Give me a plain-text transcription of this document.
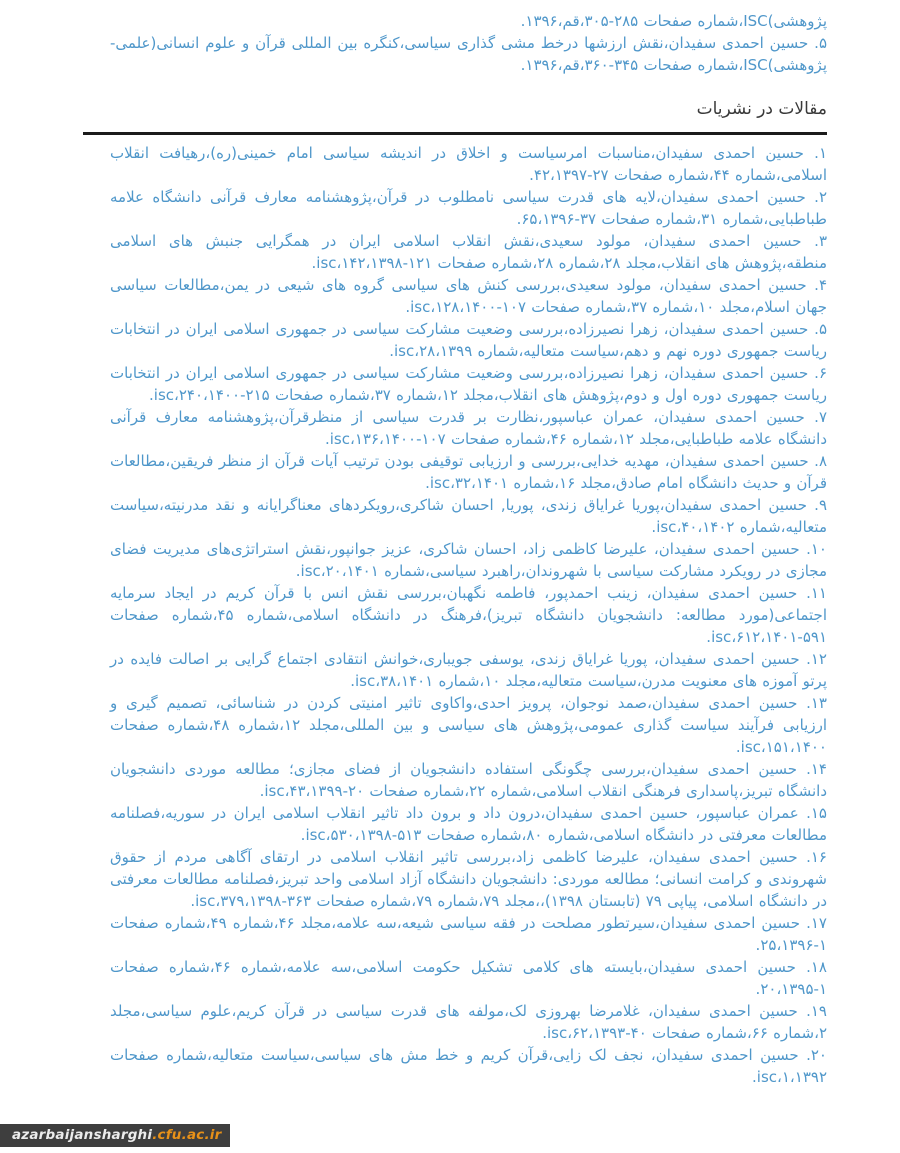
پژوهشی)ISC،شماره صفحات ۲۸۵-۳۰۵،قم،۱۳۹۶.

۵. حسین احمدی سفیدان،نقش ارزشها درخط مشی گذاری سیاسی،کنگره بین المللی قرآن و علوم انسانی(علمی-پژوهشی)ISC،شماره صفحات ۳۴۵-۳۶۰،قم،۱۳۹۶.

مقالات در نشریات

۱. حسین احمدی سفیدان،مناسبات امرسیاست و اخلاق در اندیشه سیاسی امام خمینی(ره)،رهیافت انقلاب اسلامی،شماره ۴۴،شماره صفحات ۲۷-۴۲،۱۳۹۷.

۲. حسین احمدی سفیدان،لایه های قدرت سیاسی نامطلوب در قرآن،پژوهشنامه معارف قرآنی دانشگاه علامه طباطبایی،شماره ۳۱،شماره صفحات ۳۷-۶۵،۱۳۹۶.

۳. حسین احمدی سفیدان، مولود سعیدی،نقش انقلاب اسلامی ایران در همگرایی جنبش های اسلامی منطقه،پژوهش های انقلاب،مجلد ۲۸،شماره ۲۸،شماره صفحات ۱۲۱-۱۴۲،۱۳۹۸،isc.

۴. حسین احمدی سفیدان، مولود سعیدی،بررسی کنش های سیاسی گروه های شیعی در یمن،مطالعات سیاسی جهان اسلام،مجلد ۱۰،شماره ۳۷،شماره صفحات ۱۰۷-۱۲۸،۱۴۰۰،isc.

۵. حسین احمدی سفیدان، زهرا نصیرزاده،بررسی وضعیت مشارکت سیاسی در جمهوری اسلامی ایران در انتخابات ریاست جمهوری دوره نهم و دهم،سیاست متعالیه،شماره ۲۸،۱۳۹۹،isc.

۶. حسین احمدی سفیدان، زهرا نصیرزاده،بررسی وضعیت مشارکت سیاسی در جمهوری اسلامی ایران در انتخابات ریاست جمهوری دوره اول و دوم،پژوهش های انقلاب،مجلد ۱۲،شماره ۳۷،شماره صفحات ۲۱۵-۲۴۰،۱۴۰۰،isc.

۷. حسین احمدی سفیدان، عمران عباسپور،نظارت بر قدرت سیاسی از منظرقرآن،پژوهشنامه معارف قرآنی دانشگاه علامه طباطبایی،مجلد ۱۲،شماره ۴۶،شماره صفحات ۱۰۷-۱۳۶،۱۴۰۰،isc.

۸. حسین احمدی سفیدان، مهدیه خدایی،بررسی و ارزیابی توقیفی بودن ترتیب آیات قرآن از منظر فریقین،مطالعات قرآن و حدیث دانشگاه امام صادق،مجلد ۱۶،شماره ۳۲،۱۴۰۱،isc.

۹. حسین احمدی سفیدان،پوریا غرایاق زندی، پوریا, احسان شاکری،رویکردهای معناگرایانه و نقد مدرنیته،سیاست متعالیه،شماره ۴۰،۱۴۰۲،isc.

۱۰. حسین احمدی سفیدان، علیرضا کاظمی زاد، احسان شاکری، عزیز جوانپور،نقش استراتژی‌های مدیریت فضای مجازی در رویکرد مشارکت سیاسی با شهروندان،راهبرد سیاسی،شماره ۲۰،۱۴۰۱،isc.

۱۱. حسین احمدی سفیدان، زینب احمدپور، فاطمه نگهبان،بررسی نقش انس با قرآن کریم در ایجاد سرمایه اجتماعی(مورد مطالعه: دانشجویان دانشگاه تبریز)،فرهنگ در دانشگاه اسلامی،شماره ۴۵،شماره صفحات ۵۹۱-۶۱۲،۱۴۰۱،isc.

۱۲. حسین احمدی سفیدان، پوریا غرایاق زندی، یوسفی جویباری،خوانش انتقادی اجتماع گرایی بر اصالت فایده در پرتو آموزه های معنویت مدرن،سیاست متعالیه،مجلد ۱۰،شماره ۳۸،۱۴۰۱،isc.

۱۳. حسین احمدی سفیدان،صمد نوجوان، پرویز احدی،واکاوی تاثیر امنیتی کردن در شناسائی، تصمیم گیری و ارزیابی فرآیند سیاست گذاری عمومی،پژوهش های سیاسی و بین المللی،مجلد ۱۲،شماره ۴۸،شماره صفحات ۱۵۱،۱۴۰۰،isc.

۱۴. حسین احمدی سفیدان،بررسی چگونگی استفاده دانشجویان از فضای مجازی؛ مطالعه موردی دانشجویان دانشگاه تبریز،پاسداری فرهنگی انقلاب اسلامی،شماره ۲۲،شماره صفحات ۲۰-۴۳،۱۳۹۹،isc.

۱۵. عمران عباسپور، حسین احمدی سفیدان،درون داد و برون داد تاثیر انقلاب اسلامی ایران در سوریه،فصلنامه مطالعات معرفتی در دانشگاه اسلامی،شماره ۸۰،شماره صفحات ۵۱۳-۵۳۰،۱۳۹۸،isc.

۱۶. حسین احمدی سفیدان، علیرضا کاظمی زاد،بررسی تاثیر انقلاب اسلامی در ارتقای آگاهی مردم از حقوق شهروندی و کرامت انسانی؛ مطالعه موردی: دانشجویان دانشگاه آزاد اسلامی واحد تبریز،فصلنامه مطالعات معرفتی در دانشگاه اسلامی، پیاپی ۷۹ (تابستان ۱۳۹۸)،،مجلد ۷۹،شماره ۷۹،شماره صفحات ۳۶۳-۳۷۹،۱۳۹۸،isc.

۱۷. حسین احمدی سفیدان،سیرتطور مصلحت در فقه سیاسی شیعه،سه علامه،مجلد ۴۶،شماره ۴۹،شماره صفحات ۱-۲۵،۱۳۹۶.

۱۸. حسین احمدی سفیدان،بایسته های کلامی تشکیل حکومت اسلامی،سه علامه،شماره ۴۶،شماره صفحات ۱-۲۰،۱۳۹۵.

۱۹. حسین احمدی سفیدان، غلامرضا بهروزی لک،مولفه های قدرت سیاسی در قرآن کریم،علوم سیاسی،مجلد ۲،شماره ۶۶،شماره صفحات ۴۰-۶۲،۱۳۹۳،isc.

۲۰. حسین احمدی سفیدان، نجف لک زایی،قرآن کریم و خط مش های سیاسی،سیاست متعالیه،شماره صفحات ۱،۱۳۹۲،isc.

azarbaijansharghi.cfu.ac.ir
